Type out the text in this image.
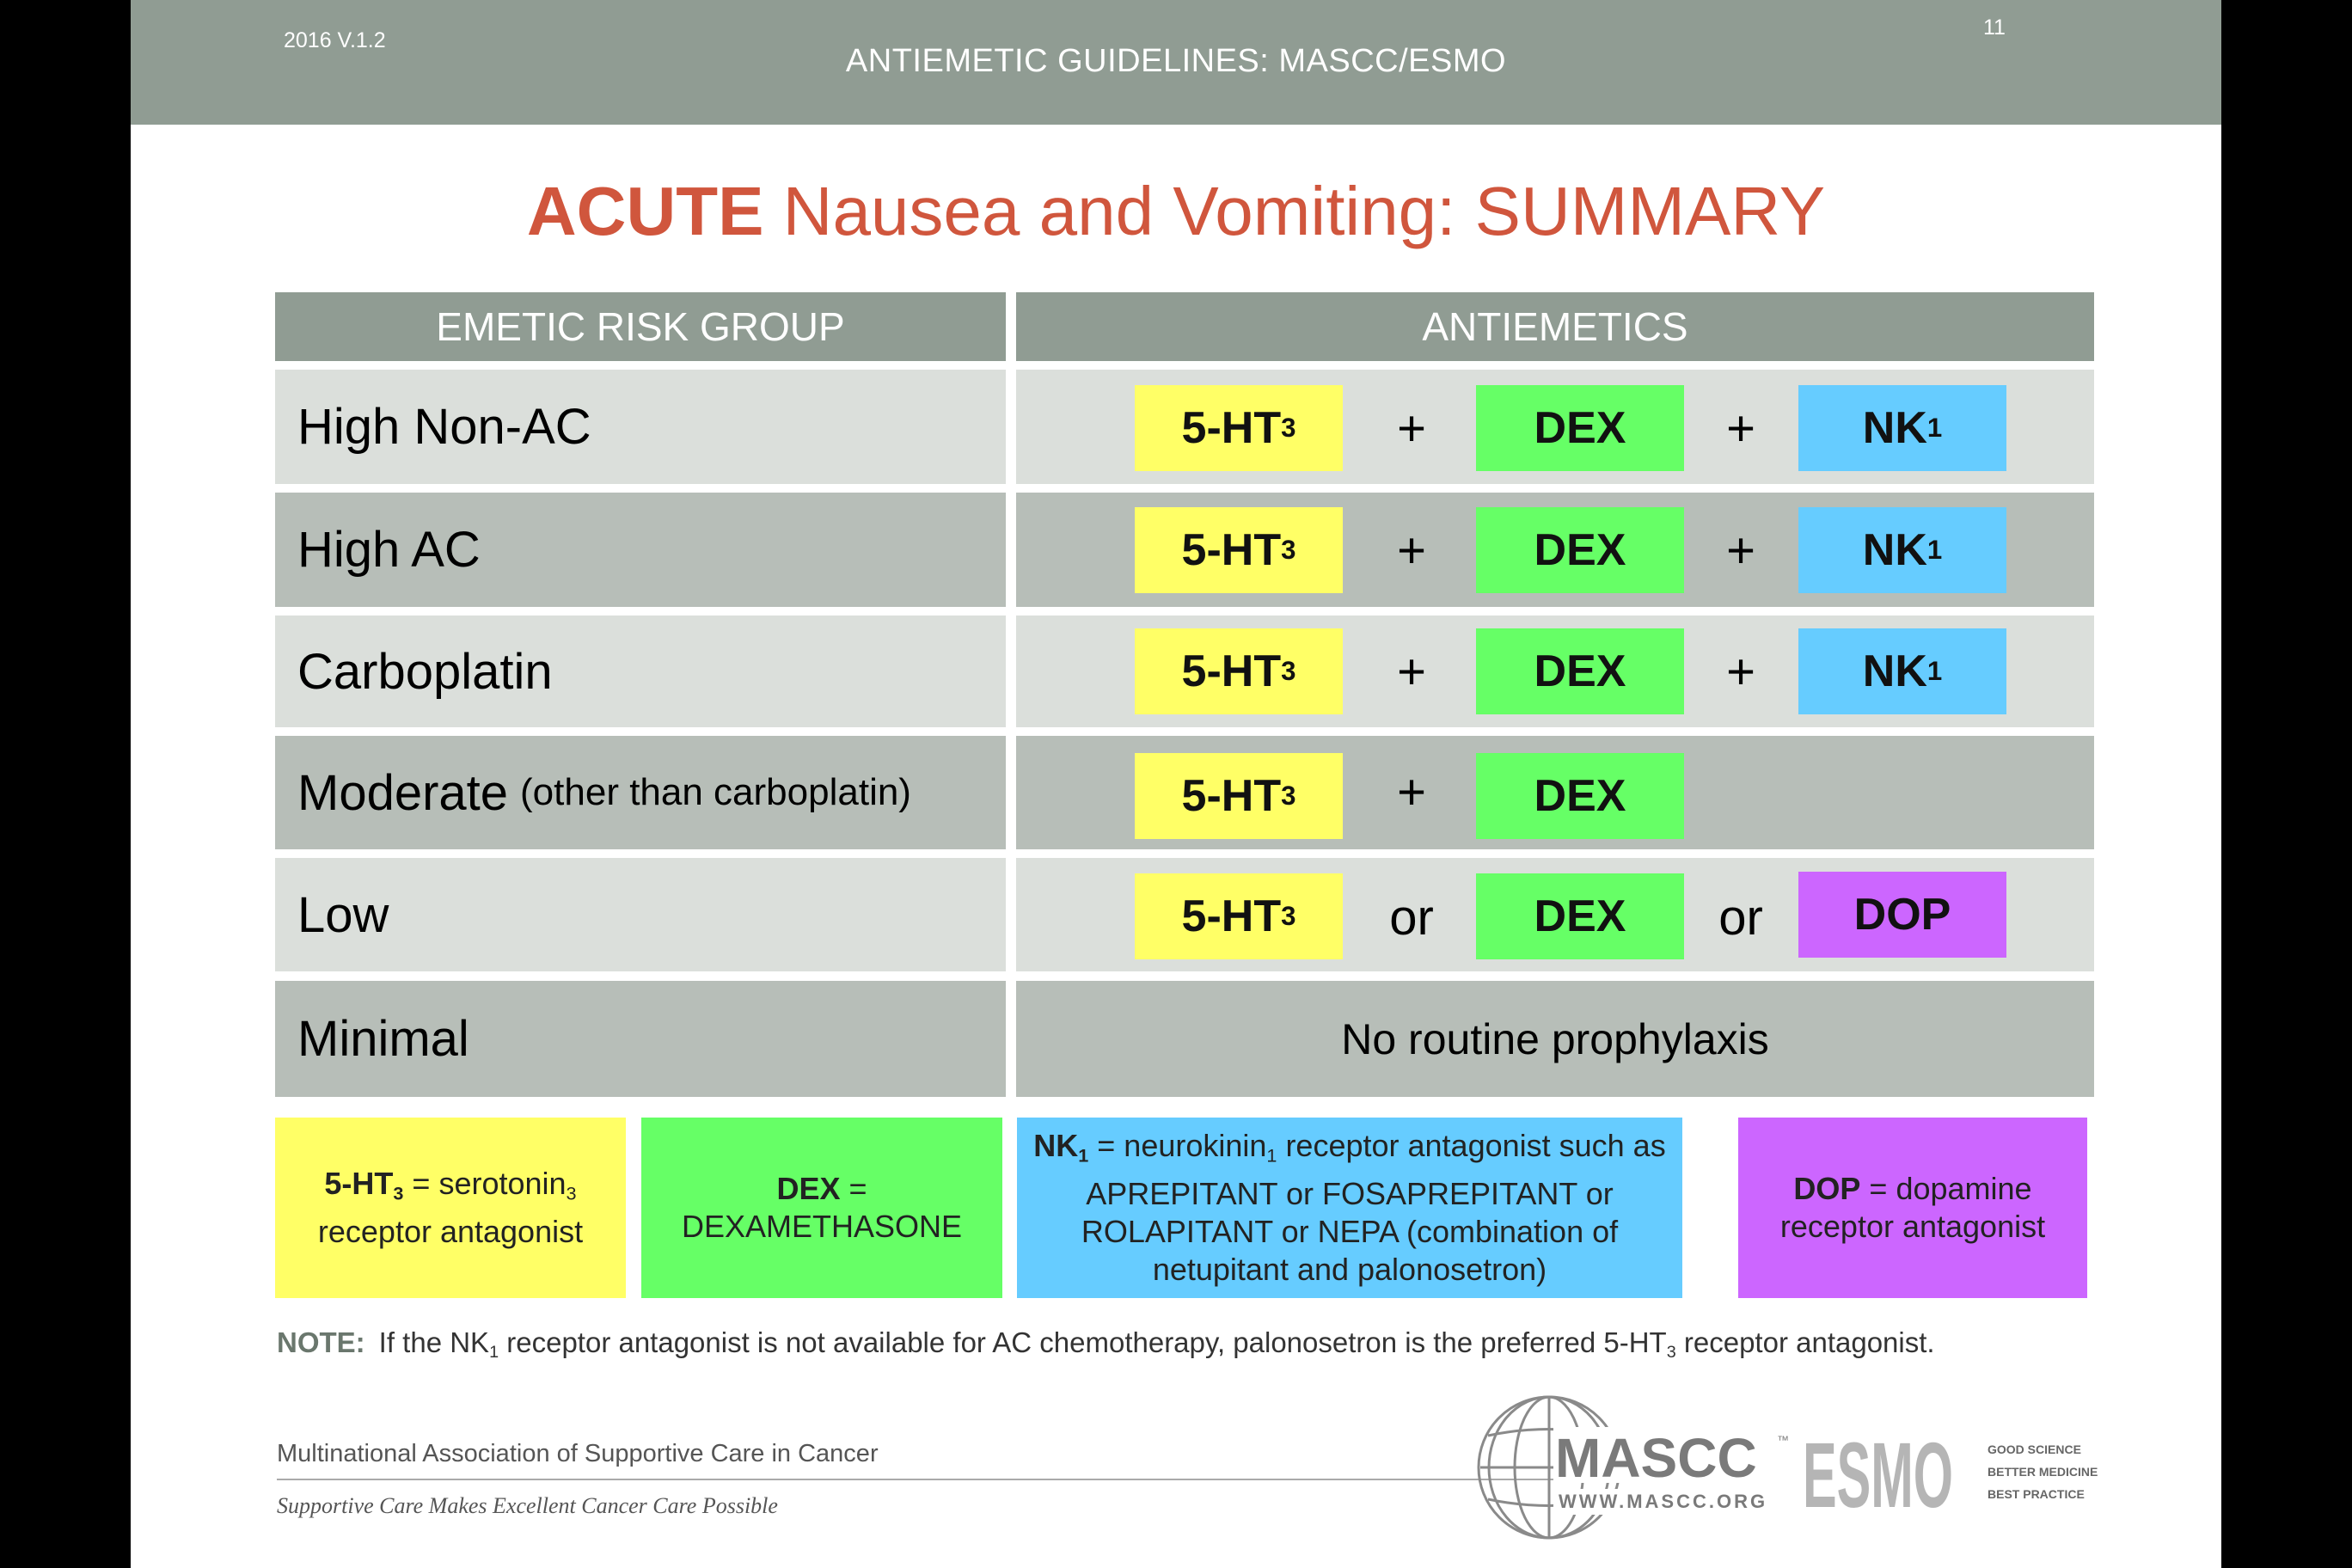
2016 V.1.2
11
ANTIEMETIC GUIDELINES: MASCC/ESMO
ACUTE Nausea and Vomiting: SUMMARY
EMETIC RISK GROUP	ANTIEMETICS
High Non-AC	5-HT 3	+	DEX	+	NK 1
High AC	5-HT 3	+	DEX	+	NK 1
Carboplatin	5-HT 3	+	DEX	+	NK 1
Moderate (other than carboplatin)	5-HT 3	+	DEX
Low	5-HT 3	or	DEX	or	DOP
Minimal	No routine prophylaxis
$5-HT_3$ = serotonin$_3$
receptor antagonist
DEX =
DEXAMETHASONE
$NK_1$ = neurokinin$_1$ receptor antagonist such as
APREPITANT or FOSAPREPITANT or
ROLAPITANT or NEPA (combination of
netupitant and palonosetron)
DOP = dopamine
receptor antagonist
NOTE: If the $NK_1$ receptor antagonist is not available for AC chemotherapy, palonosetron is the preferred $5-HT_3$ receptor antagonist.
Multinational Association of Supportive Care in Cancer
Supportive Care Makes Excellent Cancer Care Possible
MASCC ™
WWW.MASCC.ORG ESMO	GOOD SCIENCE
BETTER MEDICINE
BEST PRACTICE
